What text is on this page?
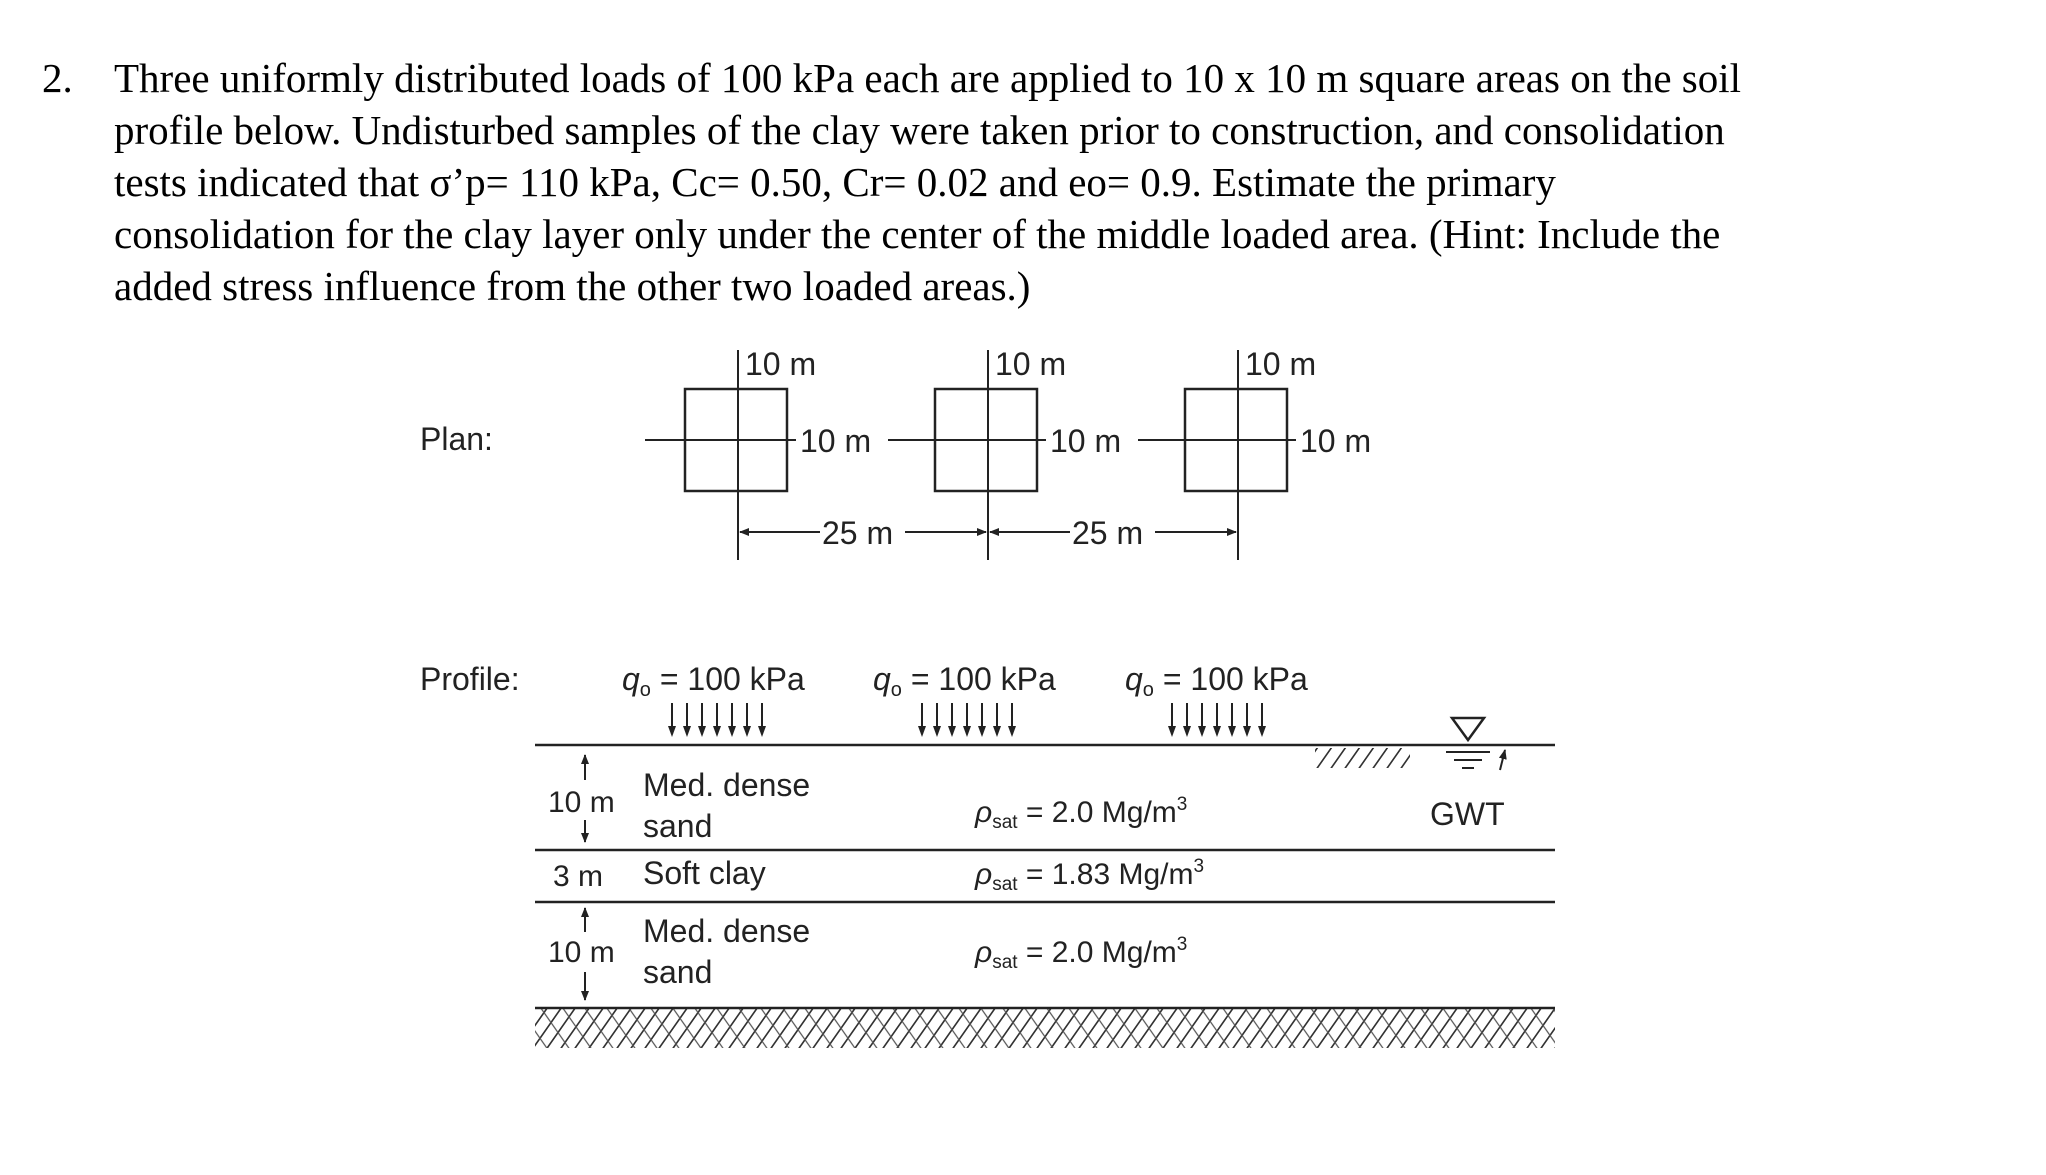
2. Three uniformly distributed loads of 100 kPa each are applied to 10 x 10 m square areas on the soil
profile below. Undisturbed samples of the clay were taken prior to construction, and consolidation
tests indicated that σ’p= 110 kPa, Cc= 0.50, Cr= 0.02 and eo= 0.9. Estimate the primary
consolidation for the clay layer only under the center of the middle loaded area. (Hint: Include the
added stress influence from the other two loaded areas.)
Plan:
10 m	10 m	10 m
10 m	10 m	10 m
25 m	25 m
Profile:	qo = 100 kPa qo = 100 kPa qo = 100 kPa
GWT
10 m Med. dense
sand	$\rho_{sat} = 2.0$ $Mg/m^3$
3 m Soft clay	$\rho_{sat} = 1.83$ $Mg/m^3$
10 m
Med. dense
sand
$\rho_{sat} = 2.0$ $Mg/m^3$
